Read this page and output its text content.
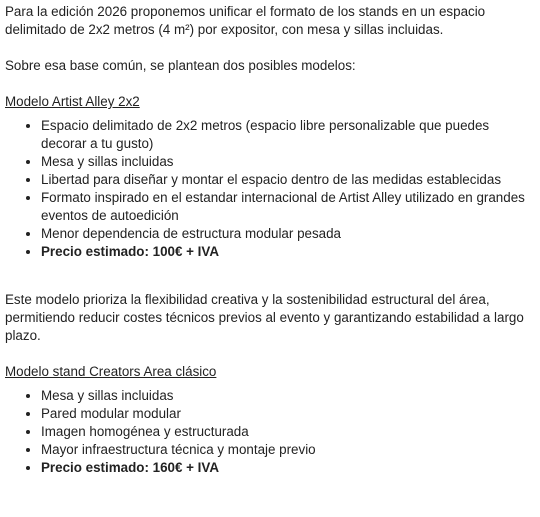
Para la edición 2026 proponemos unificar el formato de los stands en un espacio delimitado de 2x2 metros (4 m²) por expositor, con mesa y sillas incluidas.

Sobre esa base común, se plantean dos posibles modelos:

Modelo Artist Alley 2x2

• Espacio delimitado de 2x2 metros (espacio libre personalizable que puedes decorar a tu gusto)
• Mesa y sillas incluidas
• Libertad para diseñar y montar el espacio dentro de las medidas establecidas
• Formato inspirado en el estandar internacional de Artist Alley utilizado en grandes eventos de autoedición
• Menor dependencia de estructura modular pesada
• Precio estimado: 100€ + IVA

Este modelo prioriza la flexibilidad creativa y la sostenibilidad estructural del área, permitiendo reducir costes técnicos previos al evento y garantizando estabilidad a largo plazo.

Modelo stand Creators Area clásico

• Mesa y sillas incluidas
• Pared modular modular
• Imagen homogénea y estructurada
• Mayor infraestructura técnica y montaje previo
• Precio estimado: 160€ + IVA
